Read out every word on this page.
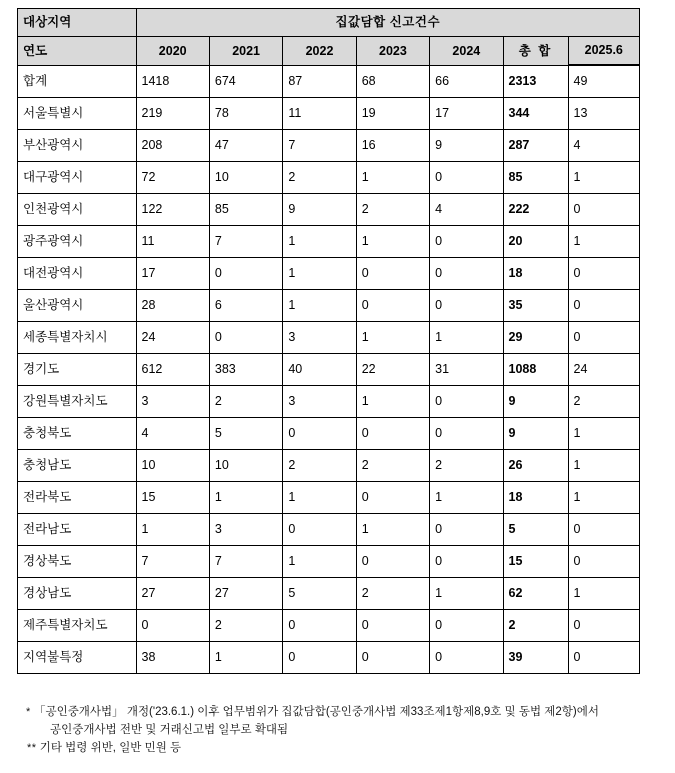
대상지역	집값담합 신고건수						
연도	2020	2021	2022	2023	2024	총 합	2025.6
합계	1418	674	87	68	66	2313	49
서울특별시	219	78	11	19	17	344	13
부산광역시	208	47	7	16	9	287	4
대구광역시	72	10	2	1	0	85	1
인천광역시	122	85	9	2	4	222	0
광주광역시	11	7	1	1	0	20	1
대전광역시	17	0	1	0	0	18	0
울산광역시	28	6	1	0	0	35	0
세종특별자치시	24	0	3	1	1	29	0
경기도	612	383	40	22	31	1088	24
강원특별자치도	3	2	3	1	0	9	2
충청북도	4	5	0	0	0	9	1
충청남도	10	10	2	2	2	26	1
전라북도	15	1	1	0	1	18	1
전라남도	1	3	0	1	0	5	0
경상북도	7	7	1	0	0	15	0
경상남도	27	27	5	2	1	62	1
제주특별자치도	0	2	0	0	0	2	0
지역불특정	38	1	0	0	0	39	0
* 「공인중개사법」 개정('23.6.1.) 이후 업무범위가 집값담합(공인중개사법 제33조제1항제8,9호 및 동법 제2항)에서
공인중개사법 전반 및 거래신고법 일부로 확대됨
** 기타 법령 위반, 일반 민원 등
